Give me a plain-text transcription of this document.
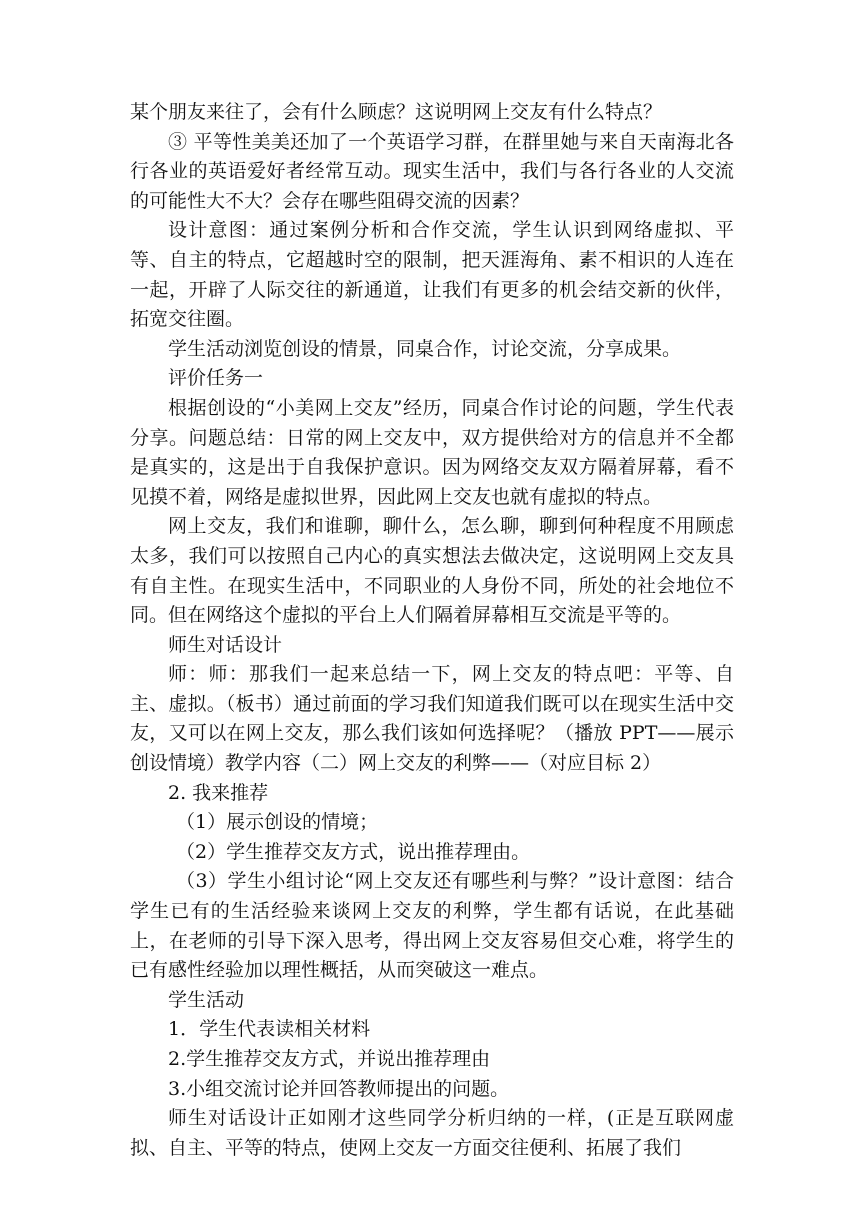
某个朋友来往了，会有什么顾虑？这说明网上交友有什么特点？

③ 平等性美美还加了一个英语学习群，在群里她与来自天南海北各行各业的英语爱好者经常互动。现实生活中，我们与各行各业的人交流的可能性大不大？会存在哪些阻碍交流的因素？

设计意图：通过案例分析和合作交流，学生认识到网络虚拟、平等、自主的特点，它超越时空的限制，把天涯海角、素不相识的人连在一起，开辟了人际交往的新通道，让我们有更多的机会结交新的伙伴，拓宽交往圈。

学生活动浏览创设的情景，同桌合作，讨论交流，分享成果。

评价任务一

根据创设的“小美网上交友”经历，同桌合作讨论的问题，学生代表分享。问题总结：日常的网上交友中，双方提供给对方的信息并不全都是真实的，这是出于自我保护意识。因为网络交友双方隔着屏幕，看不见摸不着，网络是虚拟世界，因此网上交友也就有虚拟的特点。

网上交友，我们和谁聊，聊什么，怎么聊，聊到何种程度不用顾虑太多，我们可以按照自己内心的真实想法去做决定，这说明网上交友具有自主性。在现实生活中，不同职业的人身份不同，所处的社会地位不同。但在网络这个虚拟的平台上人们隔着屏幕相互交流是平等的。

师生对话设计

师：师：那我们一起来总结一下，网上交友的特点吧：平等、自主、虚拟。（板书）通过前面的学习我们知道我们既可以在现实生活中交友，又可以在网上交友，那么我们该如何选择呢？（播放 PPT——展示创设情境）教学内容（二）网上交友的利弊——（对应目标 2）

2. 我来推荐

（1）展示创设的情境；

（2）学生推荐交友方式，说出推荐理由。

（3）学生小组讨论“网上交友还有哪些利与弊？”设计意图：结合学生已有的生活经验来谈网上交友的利弊，学生都有话说，在此基础上，在老师的引导下深入思考，得出网上交友容易但交心难，将学生的已有感性经验加以理性概括，从而突破这一难点。

学生活动

1．学生代表读相关材料

2.学生推荐交友方式，并说出推荐理由

3.小组交流讨论并回答教师提出的问题。

师生对话设计正如刚才这些同学分析归纳的一样，(正是互联网虚拟、自主、平等的特点，使网上交友一方面交往便利、拓展了我们
